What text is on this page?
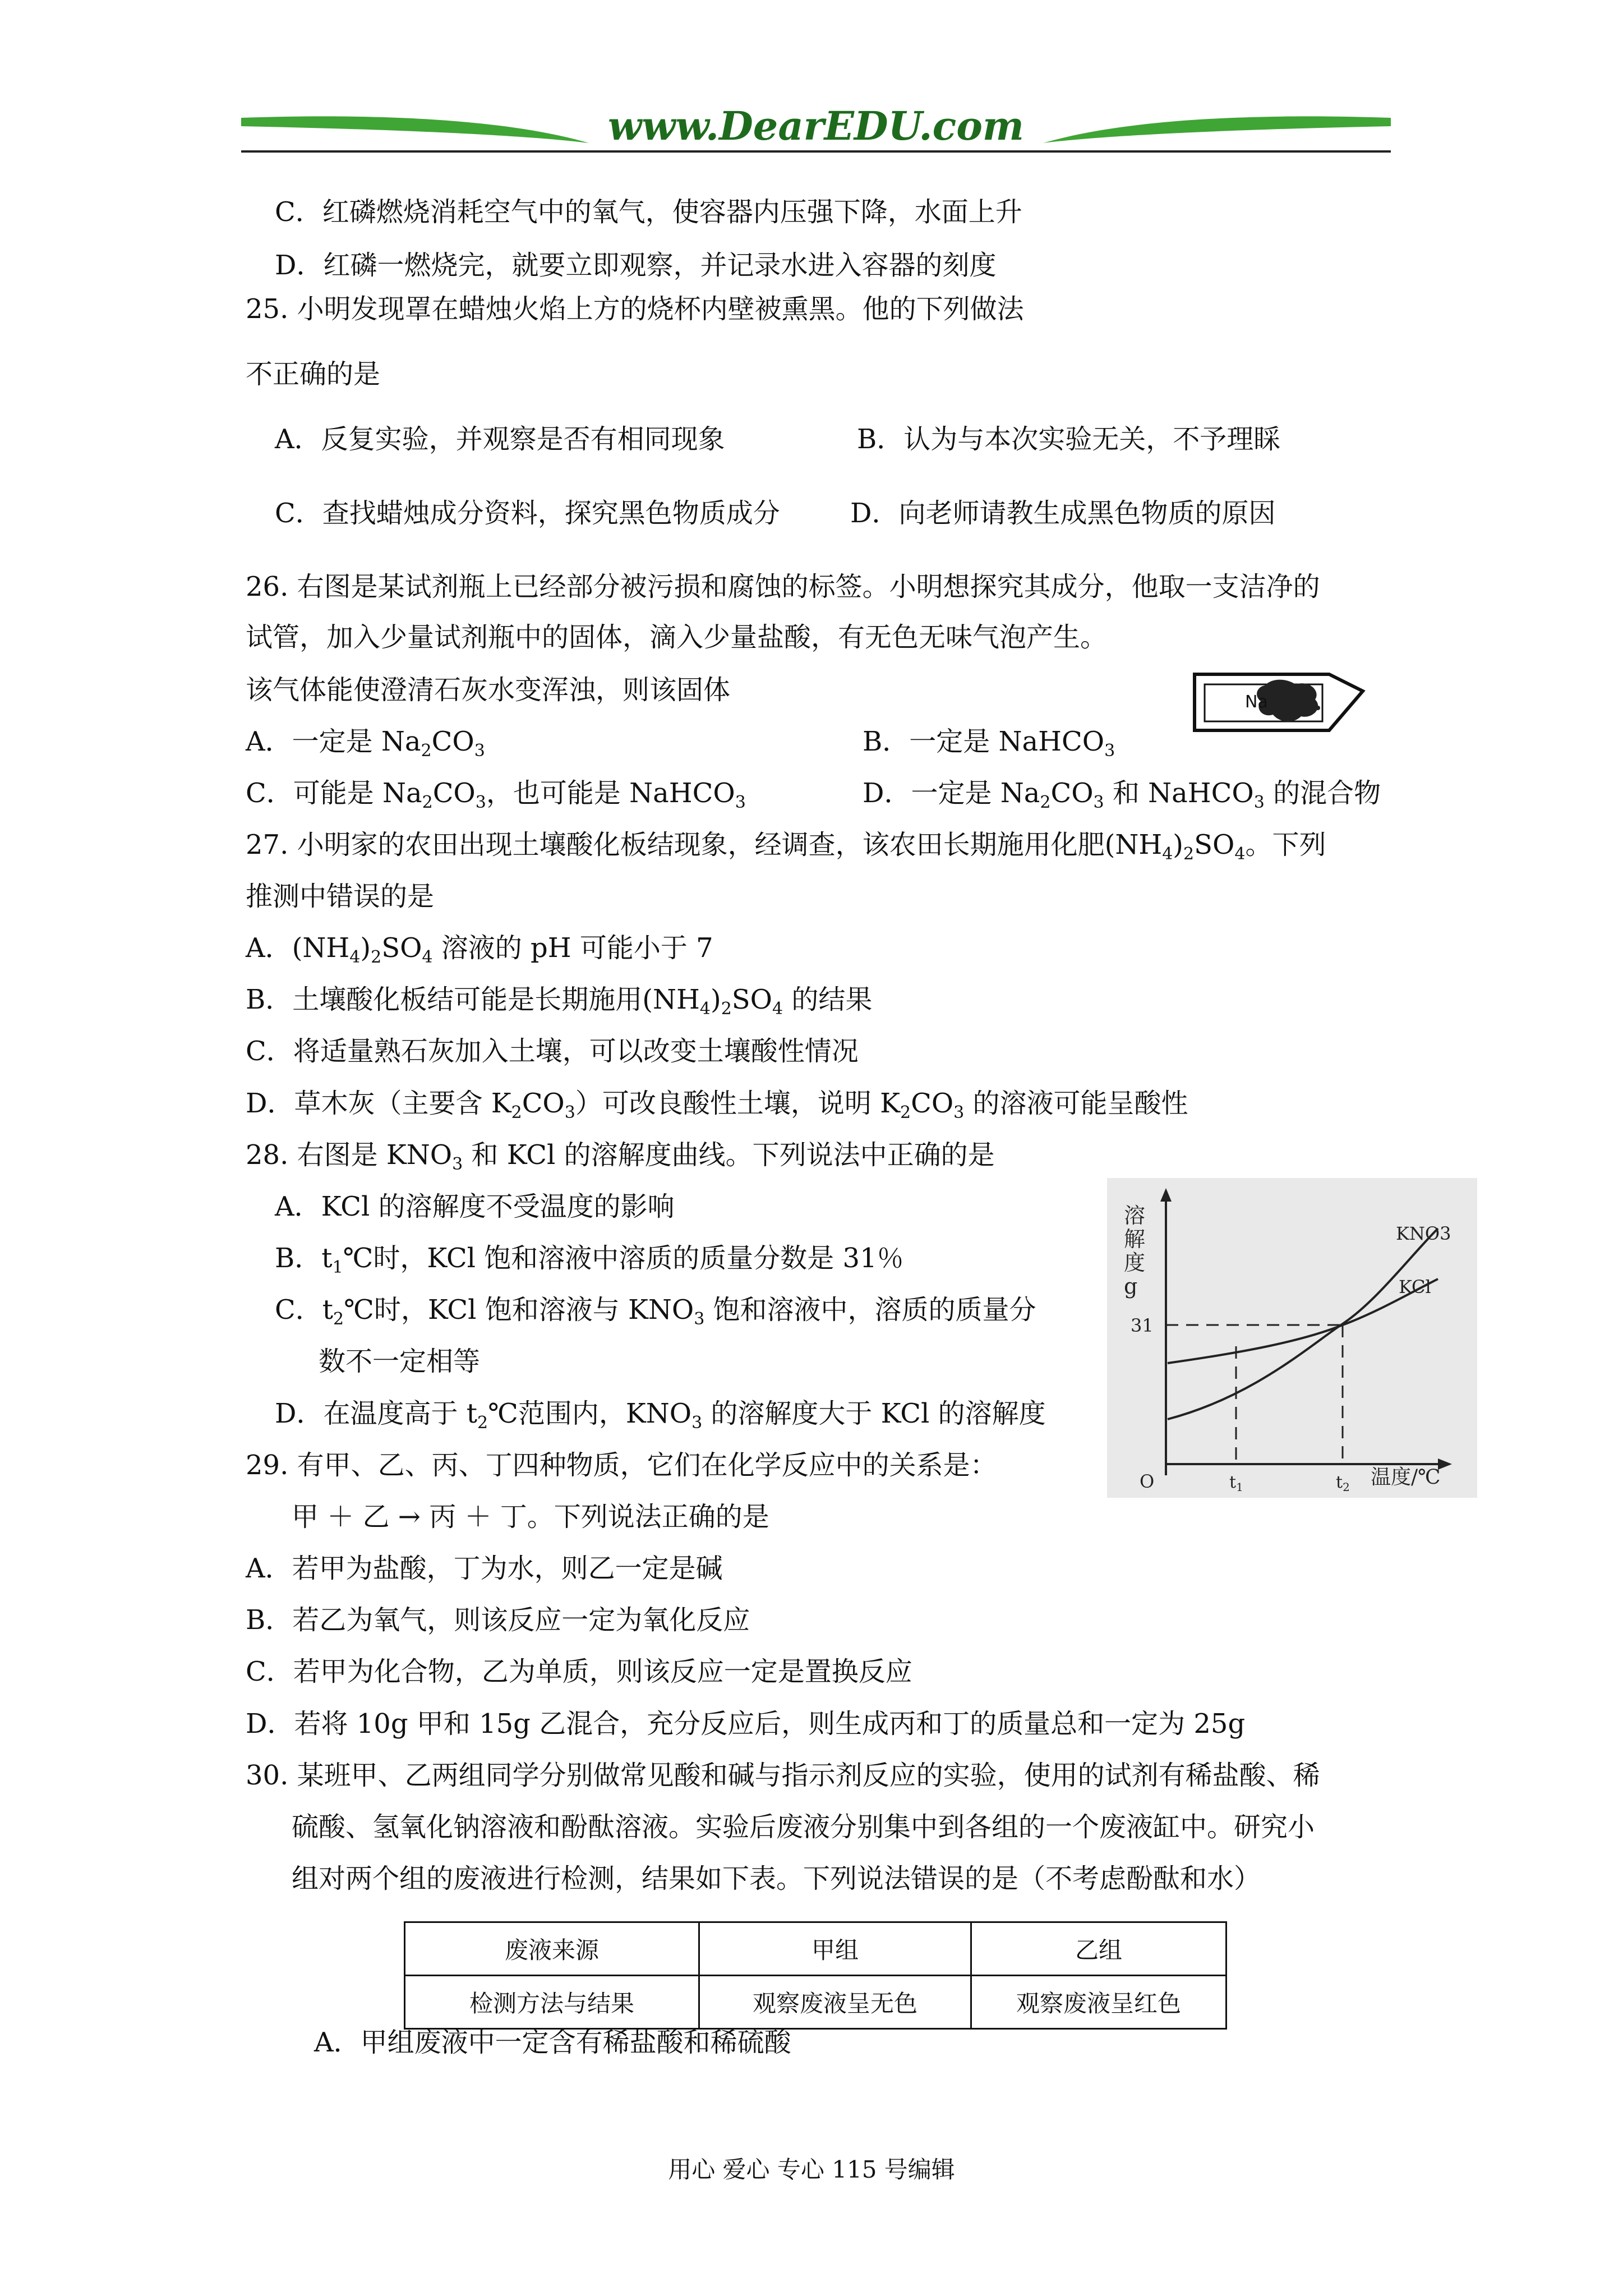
www.DearEDU.com
C．红磷燃烧消耗空气中的氧气，使容器内压强下降，水面上升
D．红磷一燃烧完，就要立即观察，并记录水进入容器的刻度
25. 小明发现罩在蜡烛火焰上方的烧杯内壁被熏黑。他的下列做法
不正确的是
A．反复实验，并观察是否有相同现象	B．认为与本次实验无关，不予理睬
C．查找蜡烛成分资料，探究黑色物质成分	D．向老师请教生成黑色物质的原因
26. 右图是某试剂瓶上已经部分被污损和腐蚀的标签。小明想探究其成分，他取一支洁净的
试管，加入少量试剂瓶中的固体，滴入少量盐酸，有无色无味气泡产生。
该气体能使澄清石灰水变浑浊，则该固体
A．一定是 $Na_2CO_3$	B．一定是 NaHCO$_3$
C．可能是 $Na_2CO_3$，也可能是 NaHCO$_3$	D．一定是 $Na_2CO_3$ 和 NaHCO$_3$ 的混合物
27. 小明家的农田出现土壤酸化板结现象，经调查，该农田长期施用化肥$(NH_4)_2SO_4$。下列
推测中错误的是
A．$(NH_4)_2SO_4$ 溶液的 pH 可能小于 7
B．土壤酸化板结可能是长期施用$(NH_4)_2SO_4$ 的结果
C．将适量熟石灰加入土壤，可以改变土壤酸性情况
D．草木灰（主要含 $K_2CO_3$）可改良酸性土壤，说明 $K_2CO_3$ 的溶液可能呈酸性
28. 右图是 $KNO_3$ 和 KCl 的溶解度曲线。下列说法中正确的是
A．KCl 的溶解度不受温度的影响
B．$t_1℃$时，KCl 饱和溶液中溶质的质量分数是 31％
C．$t_2℃$时，KCl 饱和溶液与 $KNO_3$ 饱和溶液中，溶质的质量分
数不一定相等
D．在温度高于 $t_2℃$范围内，$KNO_3$ 的溶解度大于 KCl 的溶解度
29. 有甲、乙、丙、丁四种物质，它们在化学反应中的关系是：
甲 ＋ 乙 → 丙 ＋ 丁。下列说法正确的是
A．若甲为盐酸，丁为水，则乙一定是碱
B．若乙为氧气，则该反应一定为氧化反应
C．若甲为化合物，乙为单质，则该反应一定是置换反应
D．若将 10g 甲和 15g 乙混合，充分反应后，则生成丙和丁的质量总和一定为 25g
30. 某班甲、乙两组同学分别做常见酸和碱与指示剂反应的实验，使用的试剂有稀盐酸、稀
硫酸、氢氧化钠溶液和酚酞溶液。实验后废液分别集中到各组的一个废液缸中。研究小
组对两个组的废液进行检测，结果如下表。下列说法错误的是（不考虑酚酞和水）
A．甲组废液中一定含有稀盐酸和稀硫酸
Na
溶解度 g
31
O	$t_1$	$t_2$ 温度/℃
KNO3
KCl
废液来源	甲组	乙组
检测方法与结果	观察废液呈无色	观察废液呈红色
用心 爱心 专心 115 号编辑
